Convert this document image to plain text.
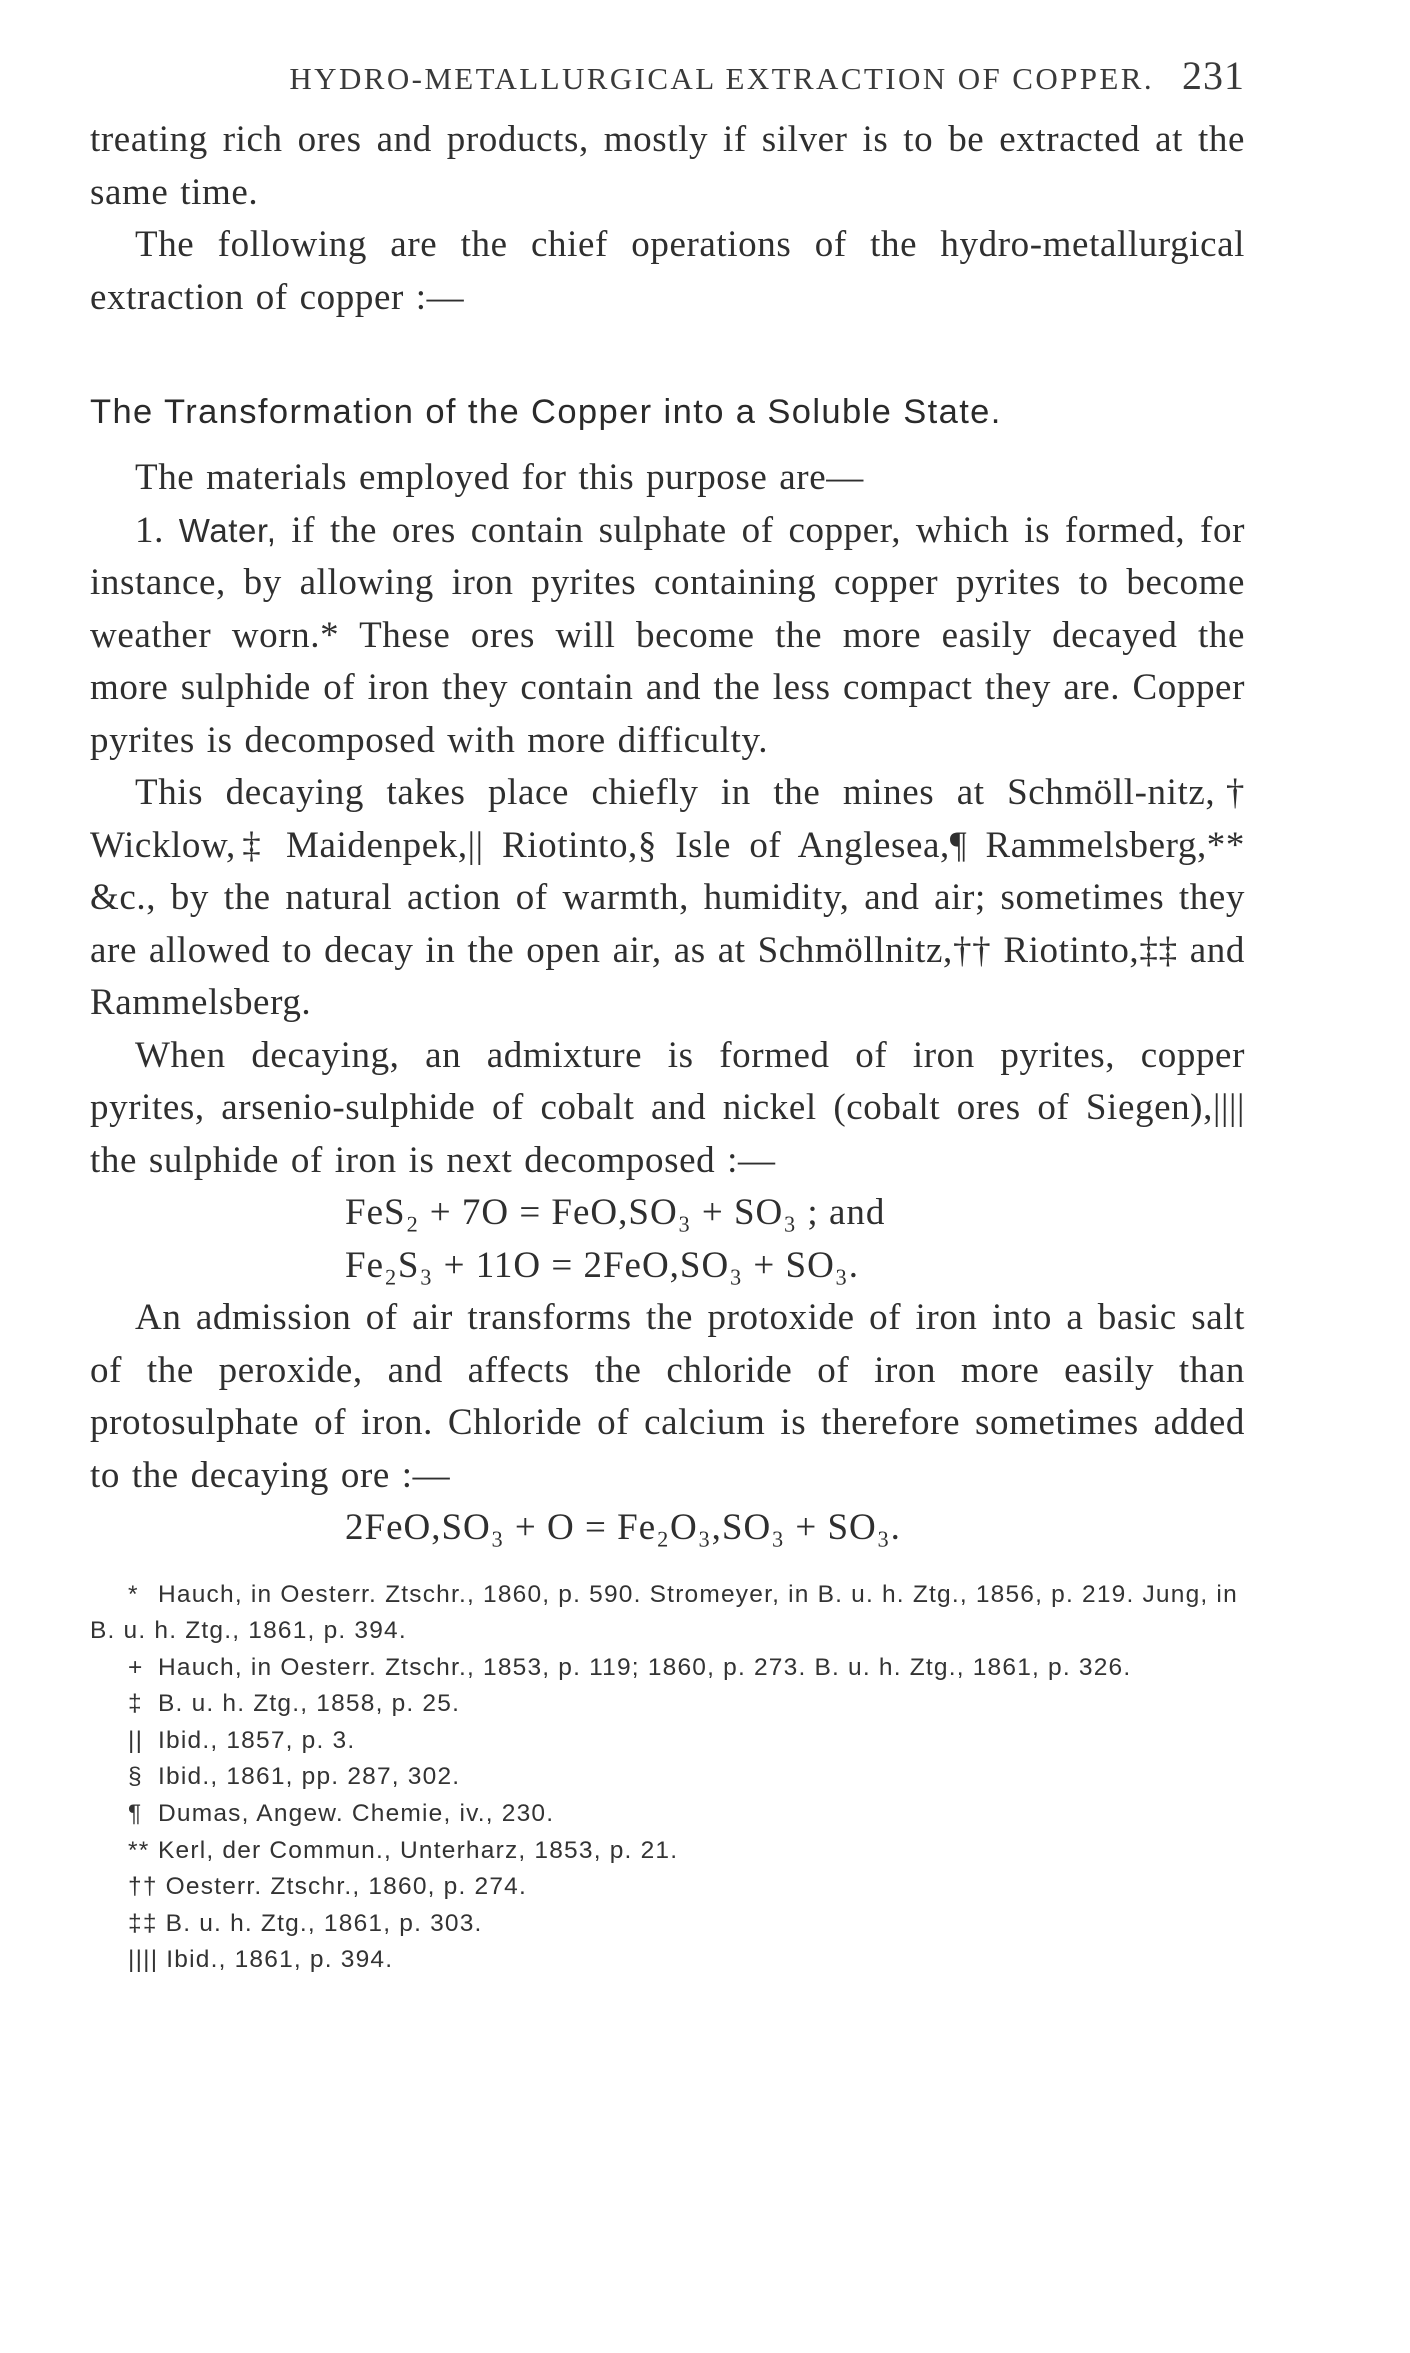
HYDRO-METALLURGICAL EXTRACTION OF COPPER. 231

treating rich ores and products, mostly if silver is to be extracted at the same time.

The following are the chief operations of the hydro-metallurgical extraction of copper :—

The Transformation of the Copper into a Soluble State.

The materials employed for this purpose are—

1. Water, if the ores contain sulphate of copper, which is formed, for instance, by allowing iron pyrites containing copper pyrites to become weather worn.* These ores will become the more easily decayed the more sulphide of iron they contain and the less compact they are. Copper pyrites is decomposed with more difficulty.

This decaying takes place chiefly in the mines at Schmöll-nitz,† Wicklow,‡ Maidenpek,|| Riotinto,§ Isle of Anglesea,¶ Rammelsberg,** &c., by the natural action of warmth, humidity, and air; sometimes they are allowed to decay in the open air, as at Schmöllnitz,†† Riotinto,‡‡ and Rammelsberg.

When decaying, an admixture is formed of iron pyrites, copper pyrites, arsenio-sulphide of cobalt and nickel (cobalt ores of Siegen),|||| the sulphide of iron is next decomposed :—

FeS₂ + 7O = FeO,SO₃ + SO₃ ; and
Fe₂S₃ + 11O = 2FeO,SO₃ + SO₃.

An admission of air transforms the protoxide of iron into a basic salt of the peroxide, and affects the chloride of iron more easily than protosulphate of iron. Chloride of calcium is therefore sometimes added to the decaying ore :—

2FeO,SO₃ + O = Fe₂O₃,SO₃ + SO₃.
* Hauch, in Oesterr. Ztschr., 1860, p. 590. Stromeyer, in B. u. h. Ztg., 1856, p. 219. Jung, in B. u. h. Ztg., 1861, p. 394.
+ Hauch, in Oesterr. Ztschr., 1853, p. 119; 1860, p. 273. B. u. h. Ztg., 1861, p. 326.
‡ B. u. h. Ztg., 1858, p. 25.
|| Ibid., 1857, p. 3.
§ Ibid., 1861, pp. 287, 302.
¶ Dumas, Angew. Chemie, iv., 230.
** Kerl, der Commun., Unterharz, 1853, p. 21.
†† Oesterr. Ztschr., 1860, p. 274.
‡‡ B. u. h. Ztg., 1861, p. 303.
|||| Ibid., 1861, p. 394.
